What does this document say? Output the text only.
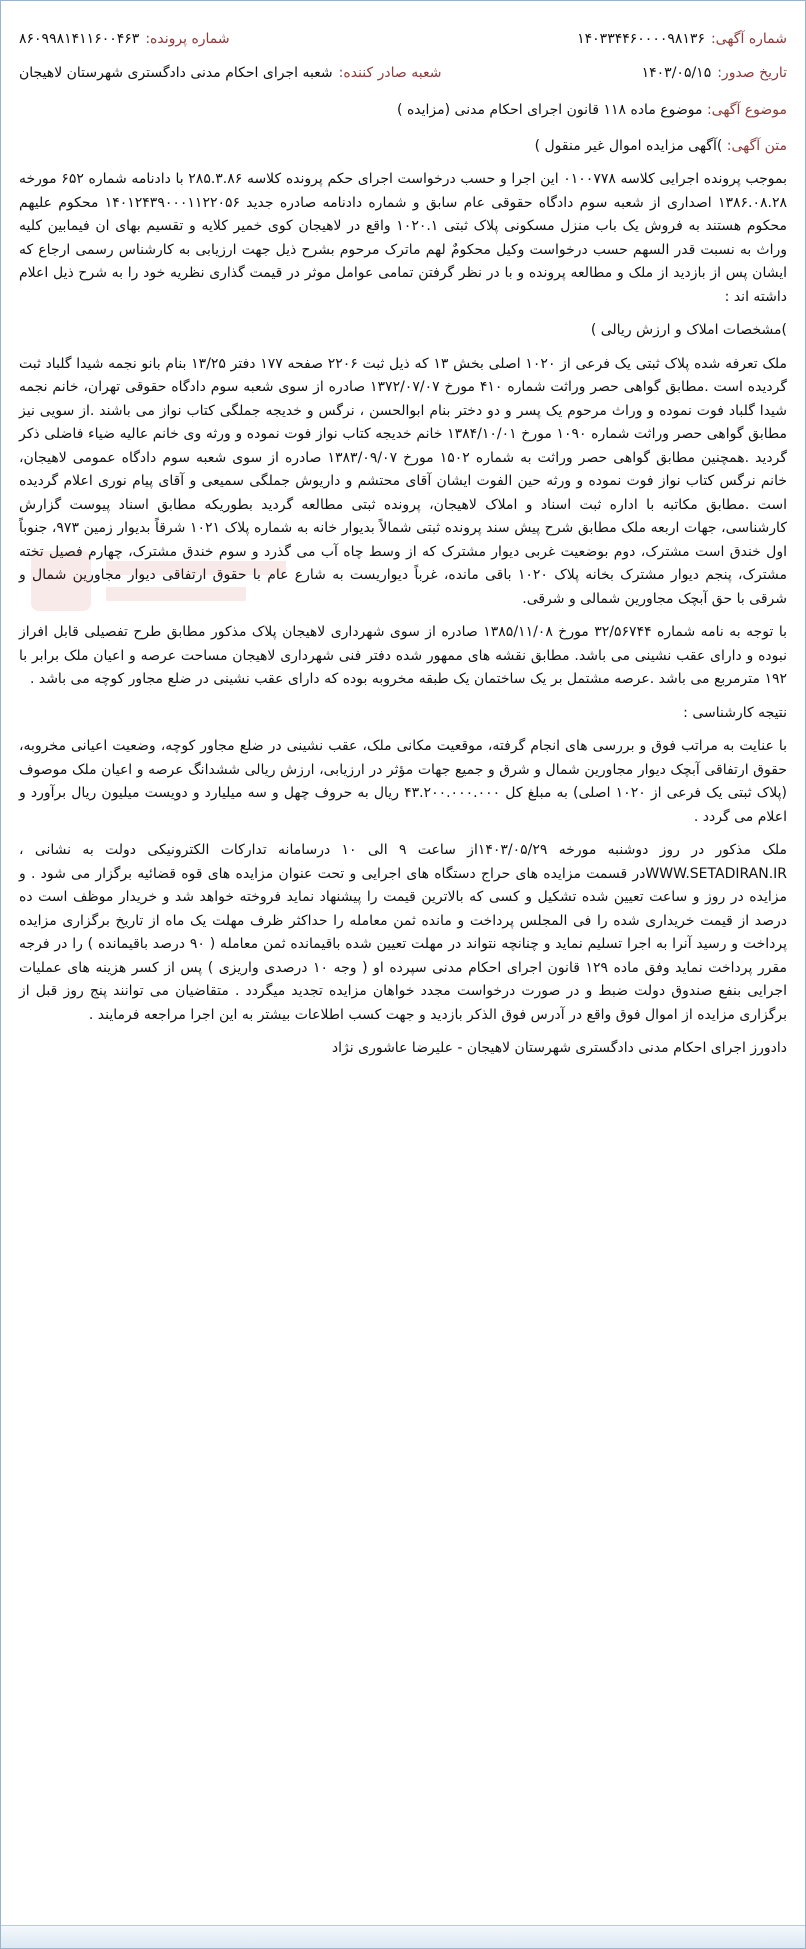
شماره آگهی:
۱۴۰۳۳۴۴۶۰۰۰۰۹۸۱۳۶
شماره پرونده:
۸۶۰۹۹۸۱۴۱۱۶۰۰۴۶۳
تاریخ صدور:
۱۴۰۳/۰۵/۱۵
شعبه صادر کننده:
شعبه اجرای احکام مدنی دادگستری شهرستان لاهیجان
موضوع آگهی: موضوع ماده ۱۱۸ قانون اجرای احکام مدنی (مزایده )
متن آگهی: )آگهی مزایده اموال غیر منقول )

بموجب پرونده اجرایی کلاسه ۰۱۰۰۷۷۸ این اجرا و حسب درخواست اجرای حکم پرونده کلاسه ۲۸۵.۳.۸۶ با دادنامه شماره ۶۵۲ مورخه ۱۳۸۶.۰۸.۲۸ اصداری از شعبه سوم دادگاه حقوقی عام سابق و شماره دادنامه صادره جدید ۱۴۰۱۲۴۳۹۰۰۰۱۱۲۲۰۵۶ محکوم علیهم محکوم هستند به فروش یک باب منزل مسکونی پلاک ثبتی ۱۰۲۰.۱ واقع در لاهیجان کوی خمیر کلایه و تقسیم بهای ان فیمابین کلیه وراث به نسبت قدر السهم حسب درخواست وکیل محکومٌ لهم ماترک مرحوم بشرح ذیل جهت ارزیابی به کارشناس رسمی ارجاع که ایشان پس از بازدید از ملک و مطالعه پرونده و با در نظر گرفتن تمامی عوامل موثر در قیمت گذاری نظریه خود را به شرح ذیل اعلام داشته اند :

)مشخصات املاک و ارزش ریالی )

ملک تعرفه شده پلاک ثبتی یک فرعی از ۱۰۲۰ اصلی بخش ۱۳ که ذیل ثبت ۲۲۰۶ صفحه ۱۷۷ دفتر ۱۳/۲۵ بنام بانو نجمه شیدا گلباد ثبت گردیده است .مطابق گواهی حصر وراثت شماره ۴۱۰ مورخ ۱۳۷۲/۰۷/۰۷ صادره از سوی شعبه سوم دادگاه حقوقی تهران، خانم نجمه شیدا گلباد فوت نموده و وراث مرحوم یک پسر و دو دختر بنام ابوالحسن ، نرگس و خدیجه جملگی کتاب نواز می باشند .از سویی نیز مطابق گواهی حصر وراثت شماره ۱۰۹۰ مورخ ۱۳۸۴/۱۰/۰۱ خانم خدیجه کتاب نواز فوت نموده و ورثه وی خانم عالیه ضیاء فاضلی ذکر گردید .همچنین مطابق گواهی حصر وراثت به شماره ۱۵۰۲ مورخ ۱۳۸۳/۰۹/۰۷ صادره از سوی شعبه سوم دادگاه عمومی لاهیجان، خانم نرگس کتاب نواز فوت نموده و ورثه حین الفوت ایشان آقای محتشم و داریوش جملگی سمیعی و آقای پیام نوری اعلام گردیده است .مطابق مکاتبه با اداره ثبت اسناد و املاک لاهیجان، پرونده ثبتی مطالعه گردید بطوریکه مطابق اسناد پیوست گزارش کارشناسی، جهات اربعه ملک مطابق شرح پیش سند پرونده ثبتی شمالاً بدیوار خانه به شماره پلاک ۱۰۲۱ شرقاً بدیوار زمین ۹۷۳، جنوباً اول خندق است مشترک، دوم بوضعیت غربی دیوار مشترک که از وسط چاه آب می گذرد و سوم خندق مشترک، چهارم فصیل تخته مشترک، پنجم دیوار مشترک بخانه پلاک ۱۰۲۰ باقی مانده، غرباً دیواریست به شارع عام با حقوق ارتفاقی دیوار مجاورین شمال و شرقی با حق آبچک مجاورین شمالی و شرقی.

با توجه به نامه شماره ۳۲/۵۶۷۴۴ مورخ ۱۳۸۵/۱۱/۰۸ صادره از سوی شهرداری لاهیجان پلاک مذکور مطابق طرح تفصیلی قابل افراز نبوده و دارای عقب نشینی می باشد. مطابق نقشه های ممهور شده دفتر فنی شهرداری لاهیجان مساحت عرصه و اعیان ملک برابر با ۱۹۲ مترمربع می باشد .عرصه مشتمل بر یک ساختمان یک طبقه مخروبه بوده که دارای عقب نشینی در ضلع مجاور کوچه می باشد .

نتیجه کارشناسی :

با عنایت به مراتب فوق و بررسی های انجام گرفته، موقعیت مکانی ملک، عقب نشینی در ضلع مجاور کوچه، وضعیت اعیانی مخروبه، حقوق ارتفاقی آبچک دیوار مجاورین شمال و شرق و جمیع جهات مؤثر در ارزیابی، ارزش ریالی ششدانگ عرصه و اعیان ملک موصوف (پلاک ثبتی یک فرعی از ۱۰۲۰ اصلی) به مبلغ کل ۴۳.۲۰۰.۰۰۰.۰۰۰ ریال به حروف چهل و سه میلیارد و دویست میلیون ریال برآورد و اعلام می گردد .

ملک مذکور در روز دوشنبه مورخه ۱۴۰۳/۰۵/۲۹از ساعت ۹ الی ۱۰ درسامانه تدارکات الکترونیکی دولت به نشانی ، WWW.SETADIRAN.IRدر قسمت مزایده های حراج دستگاه های اجرایی و تحت عنوان مزایده های قوه قضائیه برگزار می شود . و مزایده در روز و ساعت تعیین شده تشکیل و کسی که بالاترین قیمت را پیشنهاد نماید فروخته خواهد شد و خریدار موظف است ده درصد از قیمت خریداری شده را فی المجلس پرداخت و مانده ثمن معامله را حداکثر ظرف مهلت یک ماه از تاریخ برگزاری مزایده پرداخت و رسید آنرا به اجرا تسلیم نماید و چنانچه نتواند در مهلت تعیین شده باقیمانده ثمن معامله ( ۹۰ درصد باقیمانده ) را در فرجه مقرر پرداخت نماید وفق ماده ۱۲۹ قانون اجرای احکام مدنی سپرده او ( وجه ۱۰ درصدی واریزی ) پس از کسر هزینه های عملیات اجرایی بنفع صندوق دولت ضبط و در صورت درخواست مجدد خواهان مزایده تجدید میگردد . متقاضیان می توانند پنج روز قبل از برگزاری مزایده از اموال فوق واقع در آدرس فوق الذکر بازدید و جهت کسب اطلاعات بیشتر به این اجرا مراجعه فرمایند .

دادورز اجرای احکام مدنی دادگستری شهرستان لاهیجان - علیرضا عاشوری نژاد
